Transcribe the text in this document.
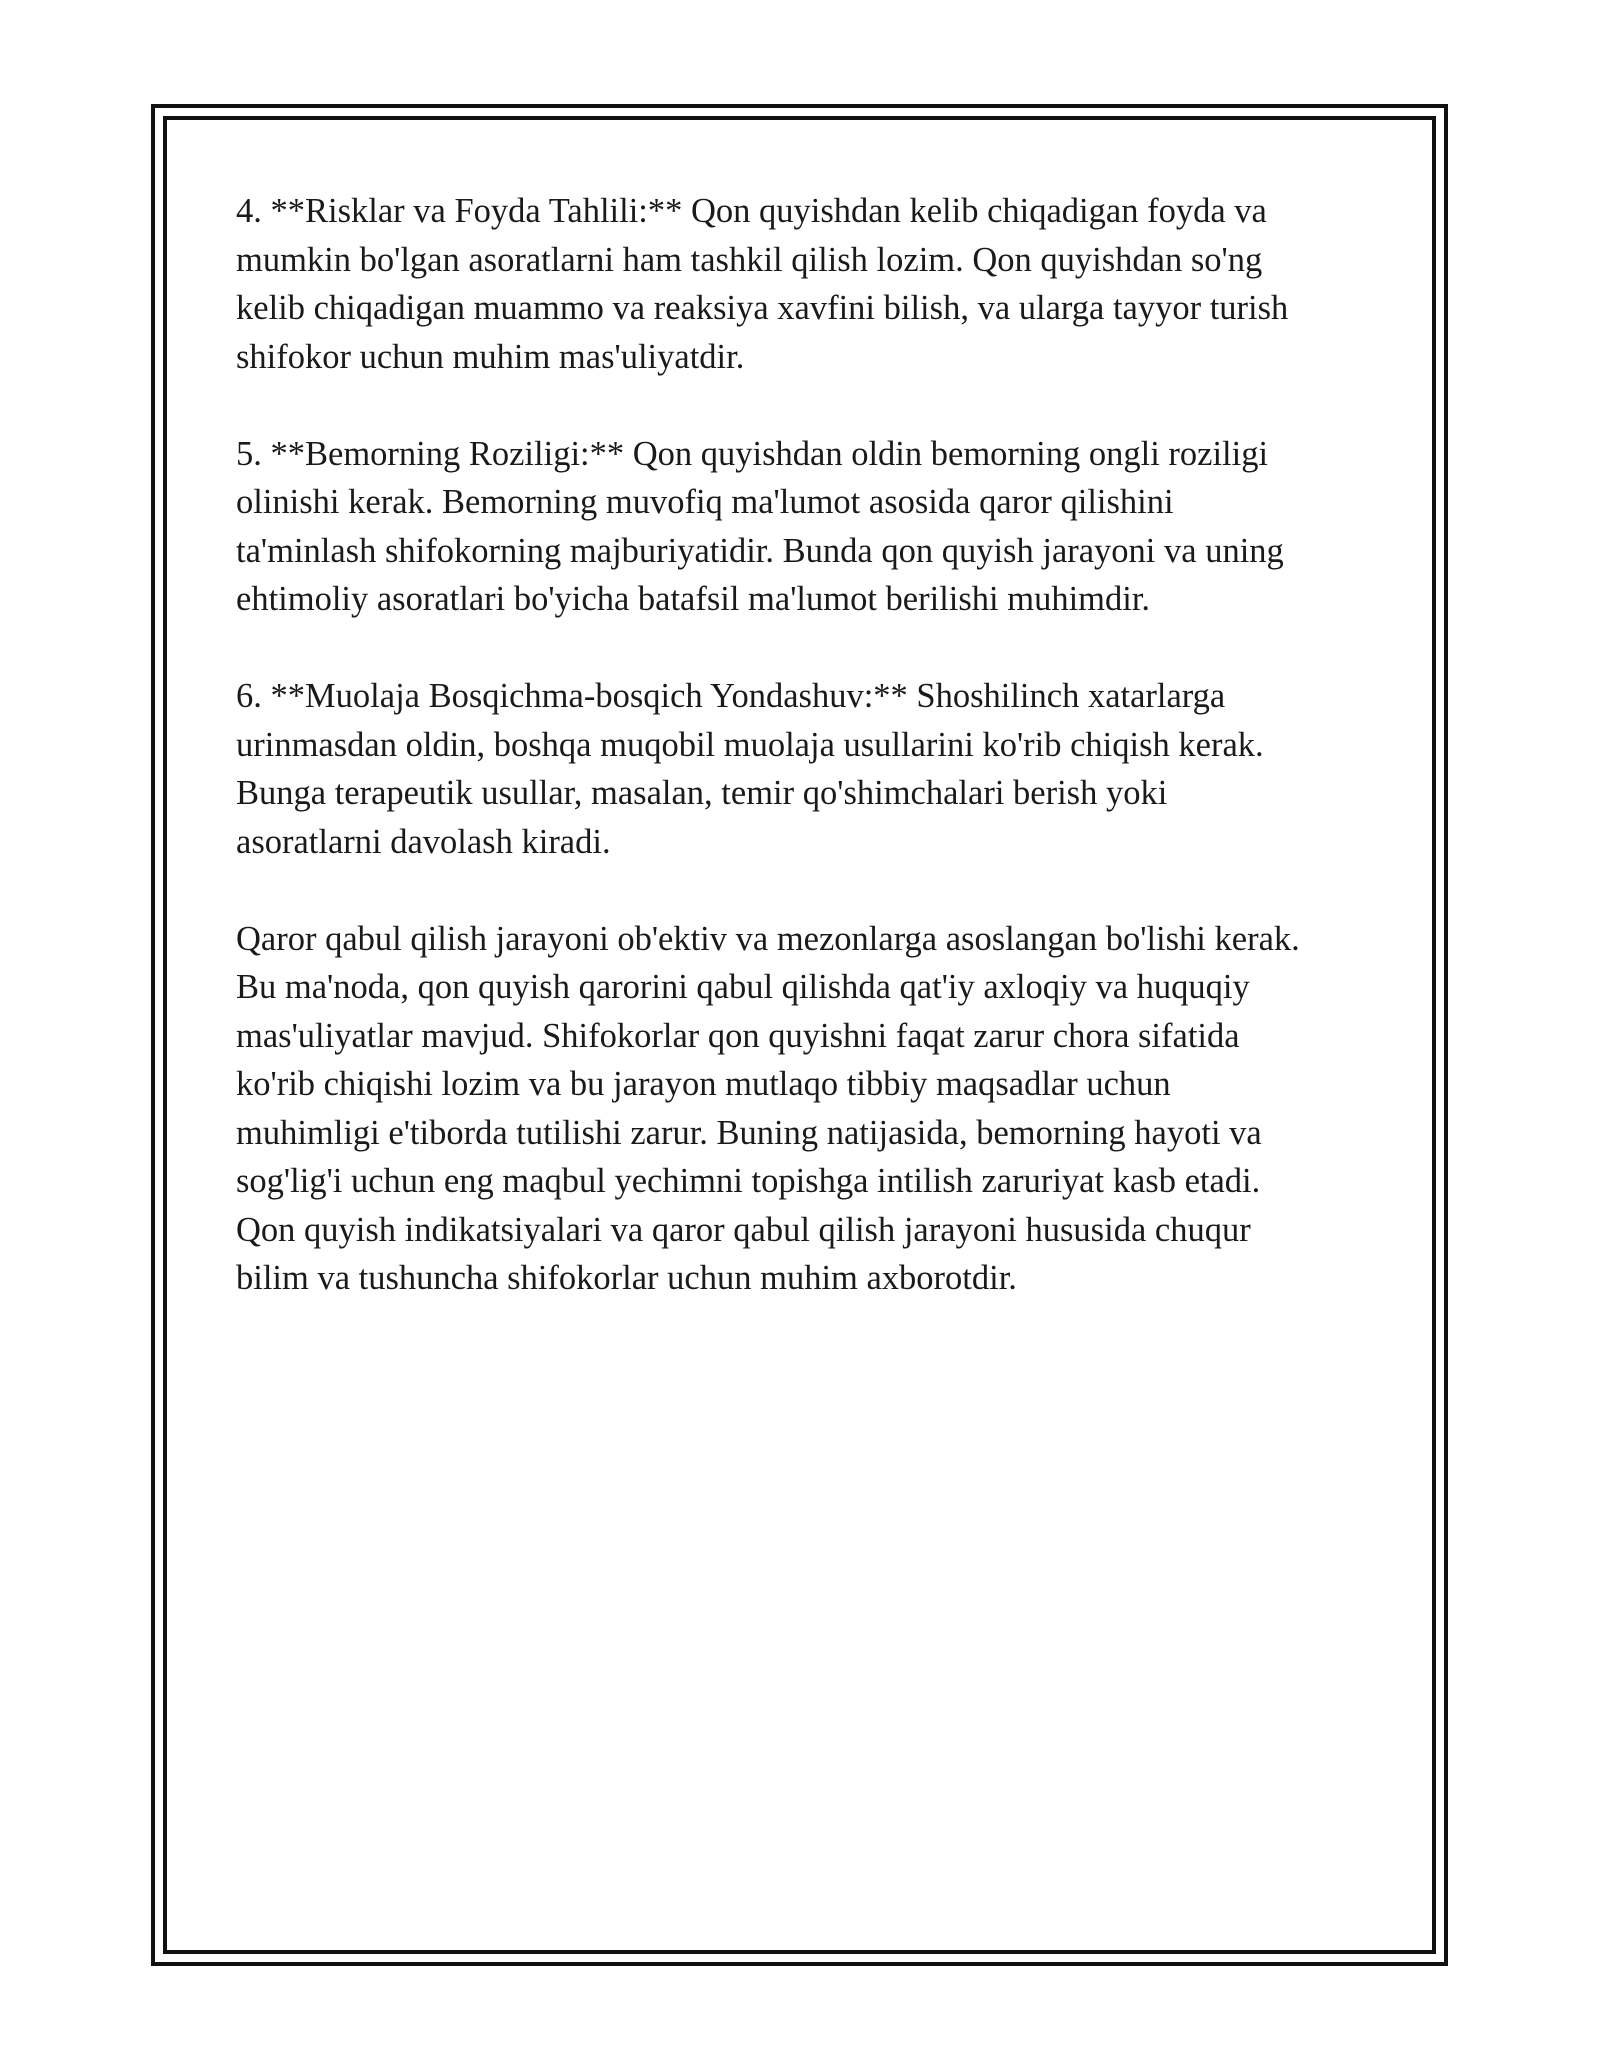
4. **Risklar va Foyda Tahlili:** Qon quyishdan kelib chiqadigan foyda va
mumkin bo'lgan asoratlarni ham tashkil qilish lozim. Qon quyishdan so'ng
kelib chiqadigan muammo va reaksiya xavfini bilish, va ularga tayyor turish
shifokor uchun muhim mas'uliyatdir.

5. **Bemorning Roziligi:** Qon quyishdan oldin bemorning ongli roziligi
olinishi kerak. Bemorning muvofiq ma'lumot asosida qaror qilishini
ta'minlash shifokorning majburiyatidir. Bunda qon quyish jarayoni va uning
ehtimoliy asoratlari bo'yicha batafsil ma'lumot berilishi muhimdir.

6. **Muolaja Bosqichma-bosqich Yondashuv:** Shoshilinch xatarlarga
urinmasdan oldin, boshqa muqobil muolaja usullarini ko'rib chiqish kerak.
Bunga terapeutik usullar, masalan, temir qo'shimchalari berish yoki
asoratlarni davolash kiradi.

Qaror qabul qilish jarayoni ob'ektiv va mezonlarga asoslangan bo'lishi kerak.
Bu ma'noda, qon quyish qarorini qabul qilishda qat'iy axloqiy va huquqiy
mas'uliyatlar mavjud. Shifokorlar qon quyishni faqat zarur chora sifatida
ko'rib chiqishi lozim va bu jarayon mutlaqo tibbiy maqsadlar uchun
muhimligi e'tiborda tutilishi zarur. Buning natijasida, bemorning hayoti va
sog'lig'i uchun eng maqbul yechimni topishga intilish zaruriyat kasb etadi.
Qon quyish indikatsiyalari va qaror qabul qilish jarayoni hususida chuqur
bilim va tushuncha shifokorlar uchun muhim axborotdir.
